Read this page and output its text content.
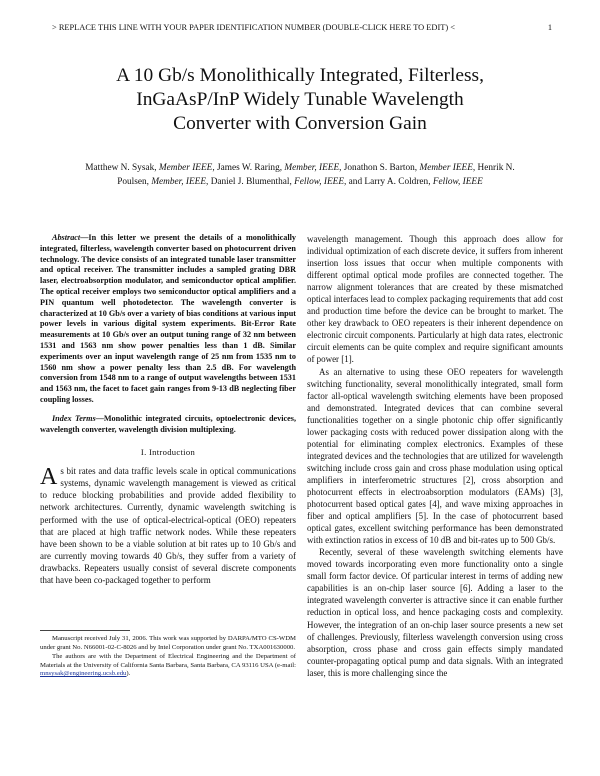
> REPLACE THIS LINE WITH YOUR PAPER IDENTIFICATION NUMBER (DOUBLE-CLICK HERE TO EDIT) <	1
A 10 Gb/s Monolithically Integrated, Filterless,
InGaAsP/InP Widely Tunable Wavelength
Converter with Conversion Gain
Matthew N. Sysak, Member IEEE, James W. Raring, Member, IEEE, Jonathon S. Barton, Member IEEE, Henrik N. Poulsen, Member, IEEE, Daniel J. Blumenthal, Fellow, IEEE, and Larry A. Coldren, Fellow, IEEE

Abstract—In this letter we present the details of a monolithically integrated, filterless, wavelength converter based on photocurrent driven technology. The device consists of an integrated tunable laser transmitter and optical receiver. The transmitter includes a sampled grating DBR laser, electroabsorption modulator, and semiconductor optical amplifier. The optical receiver employs two semiconductor optical amplifiers and a PIN quantum well photodetector. The wavelength converter is characterized at 10 Gb/s over a variety of bias conditions at various input power levels in various digital system experiments. Bit-Error Rate measurements at 10 Gb/s over an output tuning range of 32 nm between 1531 and 1563 nm show power penalties less than 1 dB. Similar experiments over an input wavelength range of 25 nm from 1535 nm to 1560 nm show a power penalty less than 2.5 dB. For wavelength conversion from 1548 nm to a range of output wavelengths between 1531 and 1563 nm, the facet to facet gain ranges from 9-13 dB neglecting fiber coupling losses.

Index Terms—Monolithic integrated circuits, optoelectronic devices, wavelength converter, wavelength division multiplexing.

I. Introduction

As bit rates and data traffic levels scale in optical communications systems, dynamic wavelength management is viewed as critical to reduce blocking probabilities and provide added flexibility to network architectures. Currently, dynamic wavelength switching is performed with the use of optical-electrical-optical (OEO) repeaters that are placed at high traffic network nodes. While these repeaters have been shown to be a viable solution at bit rates up to 10 Gb/s and are currently moving towards 40 Gb/s, they suffer from a variety of drawbacks. Repeaters usually consist of several discrete components that have been co-packaged together to perform

Manuscript received July 31, 2006. This work was supported by DARPA/MTO CS-WDM under grant No. N66001-02-C-8026 and by Intel Corporation under grant No. TXA001630000.

The authors are with the Department of Electrical Engineering and the Department of Materials at the University of California Santa Barbara, Santa Barbara, CA 93116 USA (e-mail: mnsysak@engineering.ucsb.edu).

wavelength management. Though this approach does allow for individual optimization of each discrete device, it suffers from inherent insertion loss issues that occur when multiple components with different optimal optical mode profiles are connected together. The narrow alignment tolerances that are created by these mismatched optical interfaces lead to complex packaging requirements that add cost and production time before the device can be brought to market. The other key drawback to OEO repeaters is their inherent dependence on electronic circuit components. Particularly at high data rates, electronic circuit elements can be quite complex and require significant amounts of power [1].

As an alternative to using these OEO repeaters for wavelength switching functionality, several monolithically integrated, small form factor all-optical wavelength switching elements have been proposed and demonstrated. Integrated devices that can combine several functionalities together on a single photonic chip offer significantly lower packaging costs with reduced power dissipation along with the potential for eliminating complex electronics. Examples of these integrated devices and the technologies that are utilized for wavelength switching include cross gain and cross phase modulation using optical amplifiers in interferometric structures [2], cross absorption and photocurrent effects in electroabsorption modulators (EAMs) [3], photocurrent based optical gates [4], and wave mixing approaches in fiber and optical amplifiers [5]. In the case of photocurrent based optical gates, excellent switching performance has been demonstrated with extinction ratios in excess of 10 dB and bit-rates up to 500 Gb/s.

Recently, several of these wavelength switching elements have moved towards incorporating even more functionality onto a single small form factor device. Of particular interest in terms of adding new capabilities is an on-chip laser source [6]. Adding a laser to the integrated wavelength converter is attractive since it can enable further reduction in optical loss, and hence packaging costs and complexity. However, the integration of an on-chip laser source presents a new set of challenges. Previously, filterless wavelength conversion using cross absorption, cross phase and cross gain effects simply mandated counter-propagating optical pump and data signals. With an integrated laser, this is more challenging since the
